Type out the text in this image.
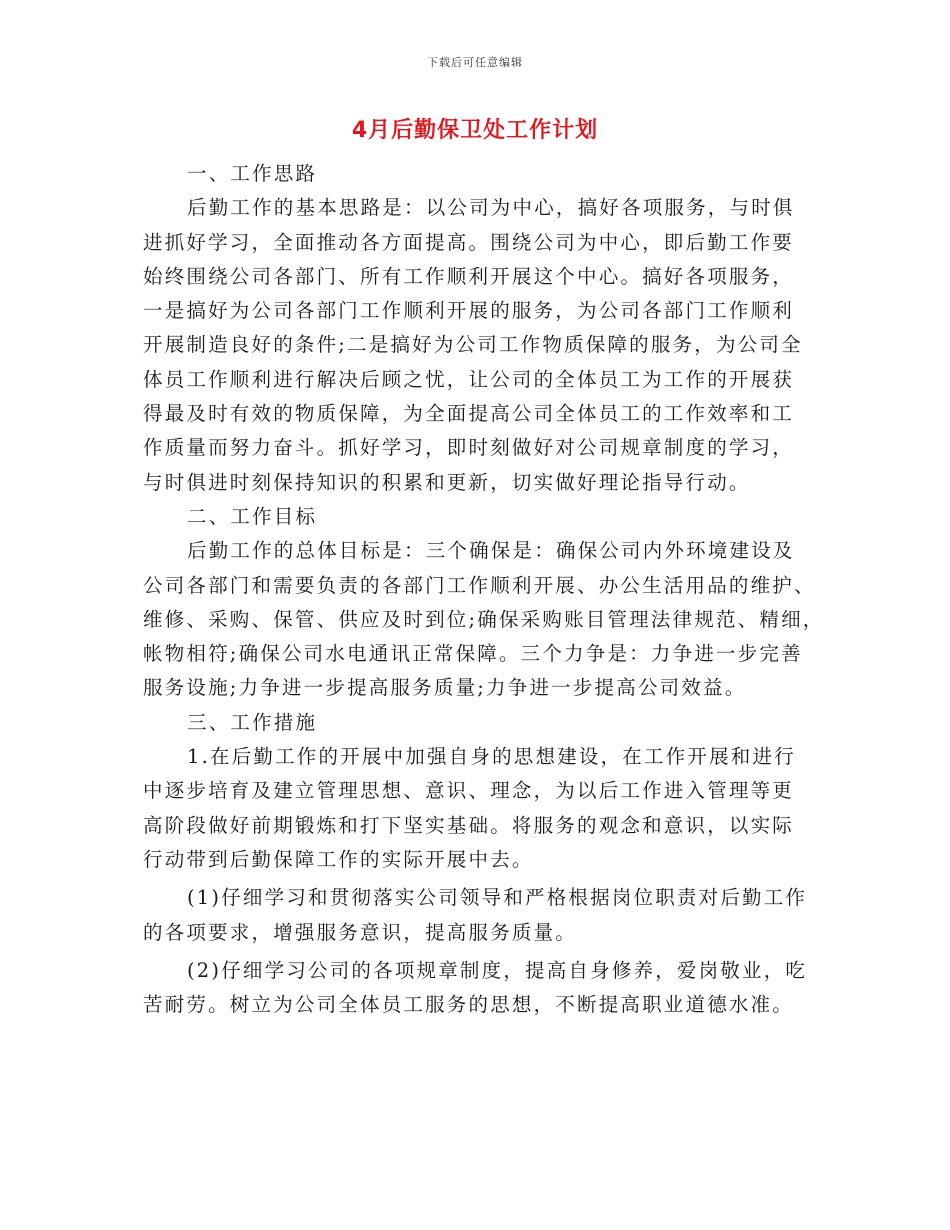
下载后可任意编辑
4月后勤保卫处工作计划
一、工作思路
后勤工作的基本思路是：以公司为中心，搞好各项服务，与时俱
进抓好学习，全面推动各方面提高。围绕公司为中心，即后勤工作要
始终围绕公司各部门、所有工作顺利开展这个中心。搞好各项服务，
一是搞好为公司各部门工作顺利开展的服务，为公司各部门工作顺利
开展制造良好的条件;二是搞好为公司工作物质保障的服务，为公司全
体员工作顺利进行解决后顾之忧，让公司的全体员工为工作的开展获
得最及时有效的物质保障，为全面提高公司全体员工的工作效率和工
作质量而努力奋斗。抓好学习，即时刻做好对公司规章制度的学习，
与时俱进时刻保持知识的积累和更新，切实做好理论指导行动。
二、工作目标
后勤工作的总体目标是：三个确保是：确保公司内外环境建设及
公司各部门和需要负责的各部门工作顺利开展、办公生活用品的维护、
维修、采购、保管、供应及时到位;确保采购账目管理法律规范、精细，
帐物相符;确保公司水电通讯正常保障。三个力争是：力争进一步完善
服务设施;力争进一步提高服务质量;力争进一步提高公司效益。
三、工作措施
1.在后勤工作的开展中加强自身的思想建设，在工作开展和进行
中逐步培育及建立管理思想、意识、理念，为以后工作进入管理等更
高阶段做好前期锻炼和打下坚实基础。将服务的观念和意识，以实际
行动带到后勤保障工作的实际开展中去。
(1)仔细学习和贯彻落实公司领导和严格根据岗位职责对后勤工作
的各项要求，增强服务意识，提高服务质量。
(2)仔细学习公司的各项规章制度，提高自身修养，爱岗敬业，吃
苦耐劳。树立为公司全体员工服务的思想，不断提高职业道德水准。
